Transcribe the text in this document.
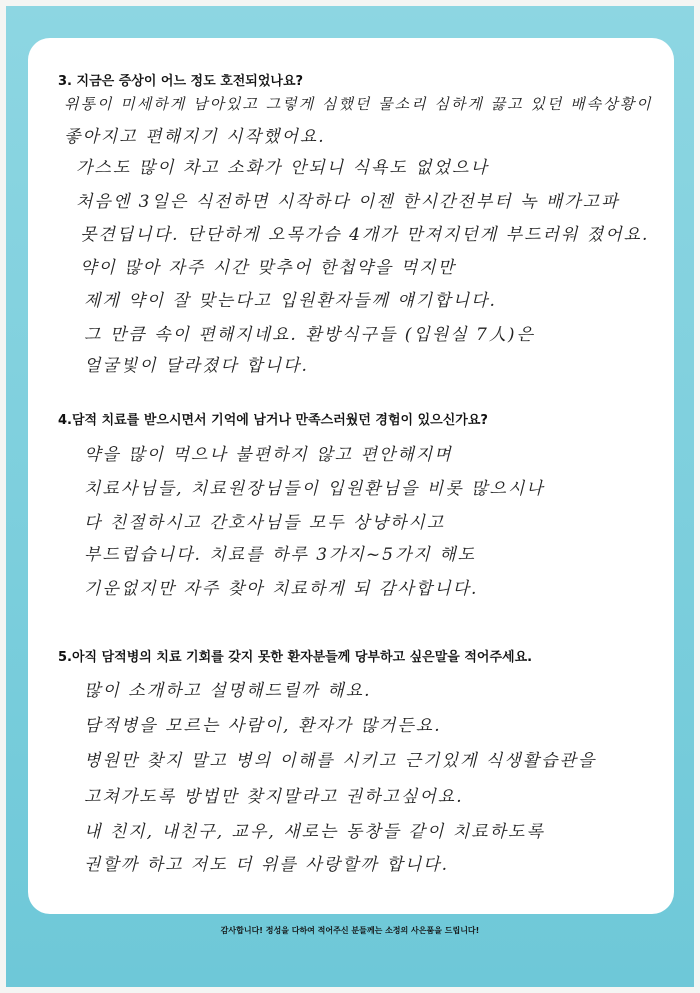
3. 지금은 증상이 어느 정도 호전되었나요?
위통이 미세하게 남아있고 그렇게 심했던 물소리 심하게 끓고 있던 배속상황이
좋아지고 편해지기 시작했어요.
가스도 많이 차고 소화가 안되니 식욕도 없었으나
처음엔 3일은 식전하면 시작하다 이젠 한시간전부터 녹 배가고파
못견딥니다. 단단하게 오목가슴 4개가 만져지던게 부드러워 졌어요.
약이 많아 자주 시간 맞추어 한첩약을 먹지만
제게 약이 잘 맞는다고 입원환자들께 얘기합니다.
그 만큼 속이 편해지네요. 환방식구들 (입원실 7人)은
얼굴빛이 달라졌다 합니다.
4.담적 치료를 받으시면서 기억에 남거나 만족스러웠던 경험이 있으신가요?
약을 많이 먹으나 불편하지 않고 편안해지며
치료사님들, 치료원장님들이 입원환님을 비롯 많으시나
다 친절하시고 간호사님들 모두 상냥하시고
부드럽습니다. 치료를 하루 3가지~5가지 해도
기운없지만 자주 찾아 치료하게 되 감사합니다.
5.아직 담적병의 치료 기회를 갖지 못한 환자분들께 당부하고 싶은말을 적어주세요.
많이 소개하고 설명해드릴까 해요.
담적병을 모르는 사람이, 환자가 많거든요.
병원만 찾지 말고 병의 이해를 시키고 근기있게 식생활습관을
고쳐가도록 방법만 찾지말라고 권하고싶어요.
내 친지, 내친구, 교우, 새로는 동창들 같이 치료하도록
권할까 하고 저도 더 위를 사랑할까 합니다.
감사합니다! 정성을 다하여 적어주신 분들께는 소정의 사은품을 드립니다!
